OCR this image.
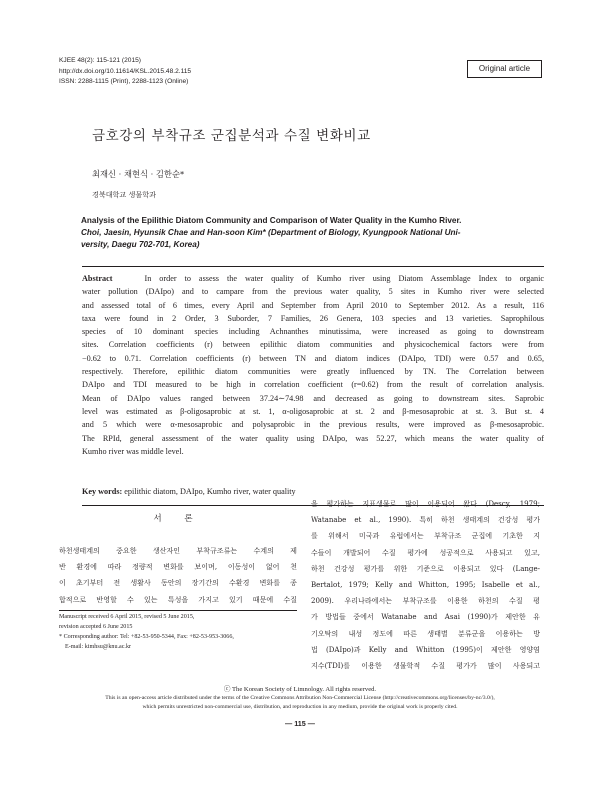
KJEE 48(2): 115-121 (2015)
http://dx.doi.org/10.11614/KSL.2015.48.2.115
ISSN: 2288-1115 (Print), 2288-1123 (Online)
Original article
금호강의 부착규조 군집분석과 수질 변화비교
최재신 · 채현식 · 김한순*
경북대학교 생물학과
Analysis of the Epilithic Diatom Community and Comparison of Water Quality in the Kumho River.
Choi, Jaesin, Hyunsik Chae and Han-soon Kim* (Department of Biology, Kyungpook National Uni-
versity, Daegu 702-701, Korea)
Abstract	In order to assess the water quality of Kumho river using Diatom Assemblage Index to organic
water pollution (DAIpo) and to campare from the previous water quality, 5 sites in Kumho river were selected
and assessed total of 6 times, every April and September from April 2010 to September 2012. As a result, 116
taxa were found in 2 Order, 3 Suborder, 7 Families, 26 Genera, 103 species and 13 varieties. Saprophilous
species of 10 dominant species including Achnanthes minutissima, were increased as going to downstream
sites. Correlation coefficients (r) between epilithic diatom communities and physicochemical factors were from
−0.62 to 0.71. Correlation coefficients (r) between TN and diatom indices (DAIpo, TDI) were 0.57 and 0.65,
respectively. Therefore, epilithic diatom communities were greatly influenced by TN. The Correlation between
DAIpo and TDI measured to be high in correlation coefficient (r=0.62) from the result of correlation analysis.
Mean of DAIpo values ranged between 37.24∼74.98 and decreased as going to downstream sites. Saprobic
level was estimated as β-oligosaprobic at st. 1, α-oligosaprobic at st. 2 and β-mesosaprobic at st. 3. But st. 4
and 5 which were α-mesosaprobic and polysaprobic in the previous results, were improved as β-mesosaprobic.
The RPId, general assessment of the water quality using DAIpo, was 52.27, which means the water quality of
Kumho river was middle level.
Key words: epilithic diatom, DAIpo, Kumho river, water quality
서 론
하천생태계의 중요한 생산자인 부착규조류는 수계의 제
반 환경에 따라 정량적 변화를 보이며, 이동성이 없어 천
이 초기부터 전 생활사 동안의 장기간의 수환경 변화를 종
합적으로 반영할 수 있는 특성을 가지고 있기 때문에 수질
을 평가하는 지표생물로 많이 이용되어 왔다 (Descy, 1979;
Watanabe et al., 1990). 특히 하천 생태계의 건강성 평가
를 위해서 미국과 유럽에서는 부착규조 군집에 기초한 지
수들이 개발되어 수질 평가에 성공적으로 사용되고 있고,
하천 건강성 평가를 위한 기준으로 이용되고 있다 (Lange-
Bertalot, 1979; Kelly and Whitton, 1995; Isabelle et al.,
2009). 우리나라에서는 부착규조를 이용한 하천의 수질 평
가 방법들 중에서 Watanabe and Asai (1990)가 제안한 유
기오탁의 내성 정도에 따른 생태별 분류군을 이용하는 방
법 (DAIpo)과 Kelly and Whitton (1995)이 제안한 영양염
지수(TDI)를 이용한 생물학적 수질 평가가 많이 사용되고
Manuscript received 6 April 2015, revised 5 June 2015,
revision accepted 6 June 2015
* Corresponding author: Tel: +82-53-950-5344, Fax: +82-53-953-3066,
E-mail: kimhsu@knu.ac.kr
ⓒ The Korean Society of Limnology. All rights reserved.
This is an open-access article distributed under the terms of the Creative Commons Attribution Non-Commercial License (http://creativecommons.org/licenses/by-nc/3.0/),
which permits unrestricted non-commercial use, distribution, and reproduction in any medium, provide the original work is properly cited.
― 115 ―
